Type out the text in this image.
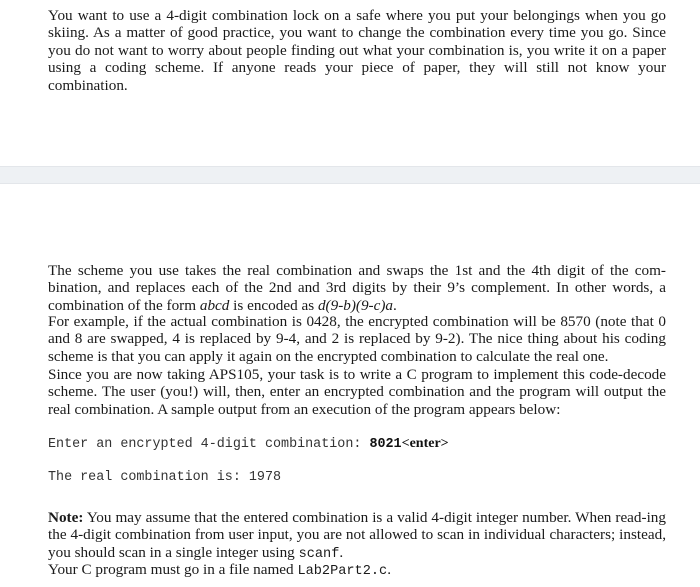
You want to use a 4-digit combination lock on a safe where you put your belongings when you go skiing. As a matter of good practice, you want to change the combination every time you go. Since you do not want to worry about people finding out what your combination is, you write it on a paper using a coding scheme. If anyone reads your piece of paper, they will still not know your combination.

The scheme you use takes the real combination and swaps the 1st and the 4th digit of the com-bination, and replaces each of the 2nd and 3rd digits by their 9’s complement. In other words, a combination of the form abcd is encoded as d(9-b)(9-c)a.

For example, if the actual combination is 0428, the encrypted combination will be 8570 (note that 0 and 8 are swapped, 4 is replaced by 9-4, and 2 is replaced by 9-2). The nice thing about his coding scheme is that you can apply it again on the encrypted combination to calculate the real one.

Since you are now taking APS105, your task is to write a C program to implement this code-decode scheme. The user (you!) will, then, enter an encrypted combination and the program will output the real combination. A sample output from an execution of the program appears below:

Enter an encrypted 4-digit combination: 8021<enter>
The real combination is: 1978

Note: You may assume that the entered combination is a valid 4-digit integer number. When read-ing the 4-digit combination from user input, you are not allowed to scan in individual characters; instead, you should scan in a single integer using scanf.

Your C program must go in a file named Lab2Part2.c.
